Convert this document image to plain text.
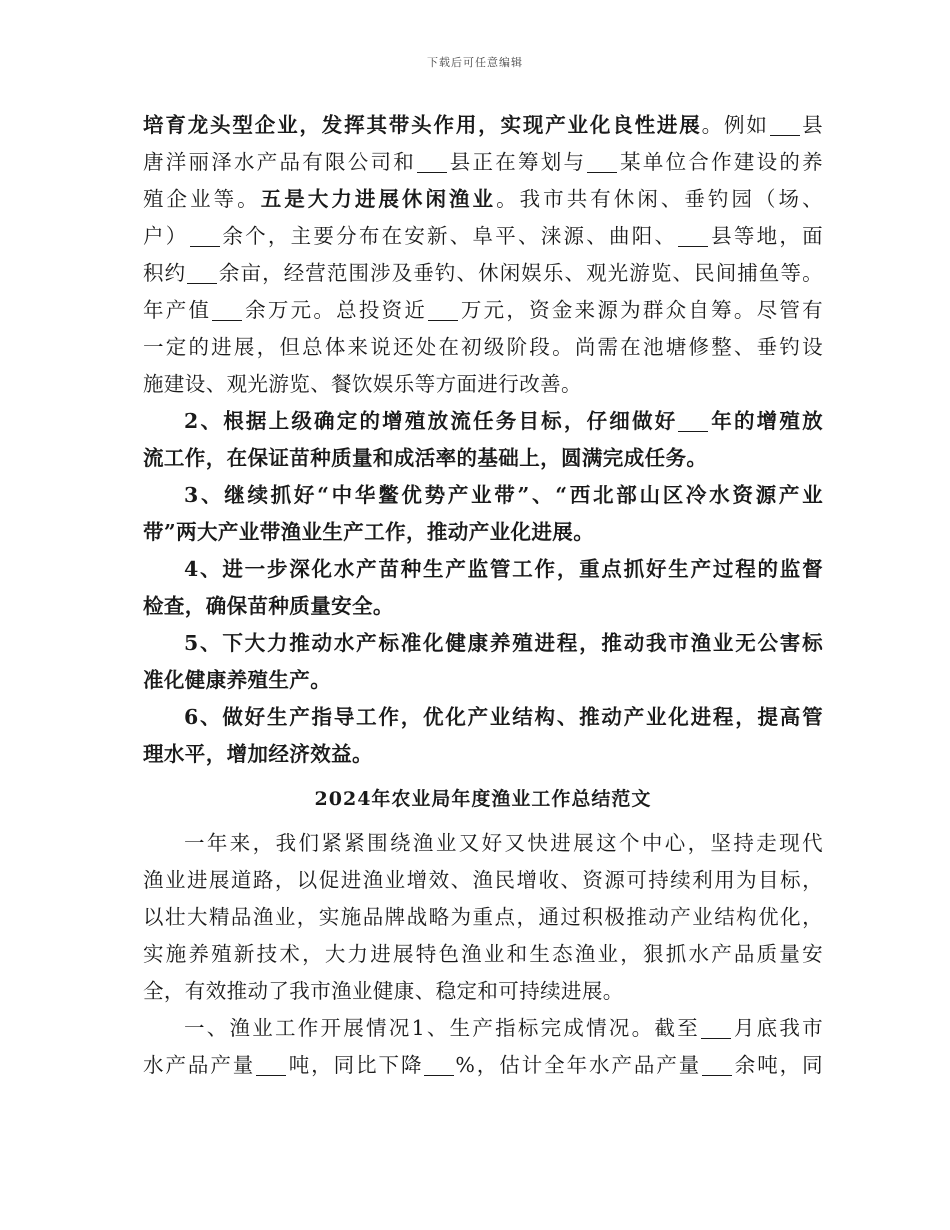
下载后可任意编辑
培育龙头型企业，发挥其带头作用，实现产业化良性进展。例如 县
唐洋丽泽水产品有限公司和 县正在筹划与 某单位合作建设的养
殖企业等。五是大力进展休闲渔业。我市共有休闲、垂钓园（场、
户） 余个，主要分布在安新、阜平、涞源、曲阳、 县等地，面
积约 余亩，经营范围涉及垂钓、休闲娱乐、观光游览、民间捕鱼等。
年产值 余万元。总投资近 万元，资金来源为群众自筹。尽管有
一定的进展，但总体来说还处在初级阶段。尚需在池塘修整、垂钓设
施建设、观光游览、餐饮娱乐等方面进行改善。
2、根据上级确定的增殖放流任务目标，仔细做好 年的增殖放
流工作，在保证苗种质量和成活率的基础上，圆满完成任务。
3、继续抓好“中华鳖优势产业带”、“西北部山区冷水资源产业
带”两大产业带渔业生产工作，推动产业化进展。
4、进一步深化水产苗种生产监管工作，重点抓好生产过程的监督
检查，确保苗种质量安全。
5、下大力推动水产标准化健康养殖进程，推动我市渔业无公害标
准化健康养殖生产。
6、做好生产指导工作，优化产业结构、推动产业化进程，提高管
理水平，增加经济效益。
2024年农业局年度渔业工作总结范文
一年来，我们紧紧围绕渔业又好又快进展这个中心，坚持走现代
渔业进展道路，以促进渔业增效、渔民增收、资源可持续利用为目标，
以壮大精品渔业，实施品牌战略为重点，通过积极推动产业结构优化，
实施养殖新技术，大力进展特色渔业和生态渔业，狠抓水产品质量安
全，有效推动了我市渔业健康、稳定和可持续进展。
一、渔业工作开展情况1、生产指标完成情况。截至 月底我市
水产品产量 吨，同比下降 %，估计全年水产品产量 余吨，同
